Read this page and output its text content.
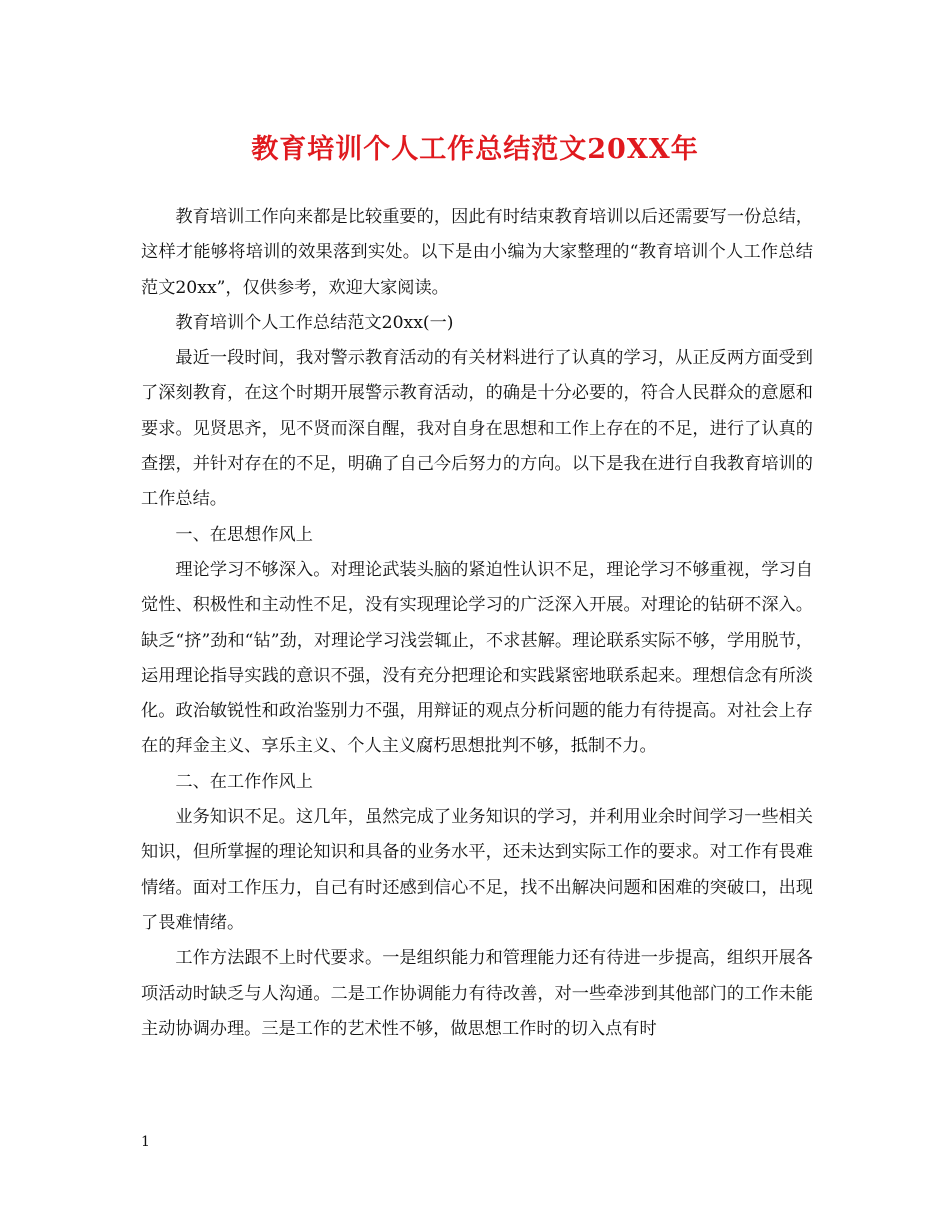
教育培训个人工作总结范文20XX年

教育培训工作向来都是比较重要的，因此有时结束教育培训以后还需要写一份总结，这样才能够将培训的效果落到实处。以下是由小编为大家整理的“教育培训个人工作总结范文20xx”，仅供参考，欢迎大家阅读。

教育培训个人工作总结范文20xx(一)

最近一段时间，我对警示教育活动的有关材料进行了认真的学习，从正反两方面受到了深刻教育，在这个时期开展警示教育活动，的确是十分必要的，符合人民群众的意愿和要求。见贤思齐，见不贤而深自醒，我对自身在思想和工作上存在的不足，进行了认真的查摆，并针对存在的不足，明确了自己今后努力的方向。以下是我在进行自我教育培训的工作总结。

一、在思想作风上

理论学习不够深入。对理论武装头脑的紧迫性认识不足，理论学习不够重视，学习自觉性、积极性和主动性不足，没有实现理论学习的广泛深入开展。对理论的钻研不深入。缺乏“挤”劲和“钻”劲，对理论学习浅尝辄止，不求甚解。理论联系实际不够，学用脱节，运用理论指导实践的意识不强，没有充分把理论和实践紧密地联系起来。理想信念有所淡化。政治敏锐性和政治鉴别力不强，用辩证的观点分析问题的能力有待提高。对社会上存在的拜金主义、享乐主义、个人主义腐朽思想批判不够，抵制不力。

二、在工作作风上

业务知识不足。这几年，虽然完成了业务知识的学习，并利用业余时间学习一些相关知识，但所掌握的理论知识和具备的业务水平，还未达到实际工作的要求。对工作有畏难情绪。面对工作压力，自己有时还感到信心不足，找不出解决问题和困难的突破口，出现了畏难情绪。

工作方法跟不上时代要求。一是组织能力和管理能力还有待进一步提高，组织开展各项活动时缺乏与人沟通。二是工作协调能力有待改善，对一些牵涉到其他部门的工作未能主动协调办理。三是工作的艺术性不够，做思想工作时的切入点有时

1
